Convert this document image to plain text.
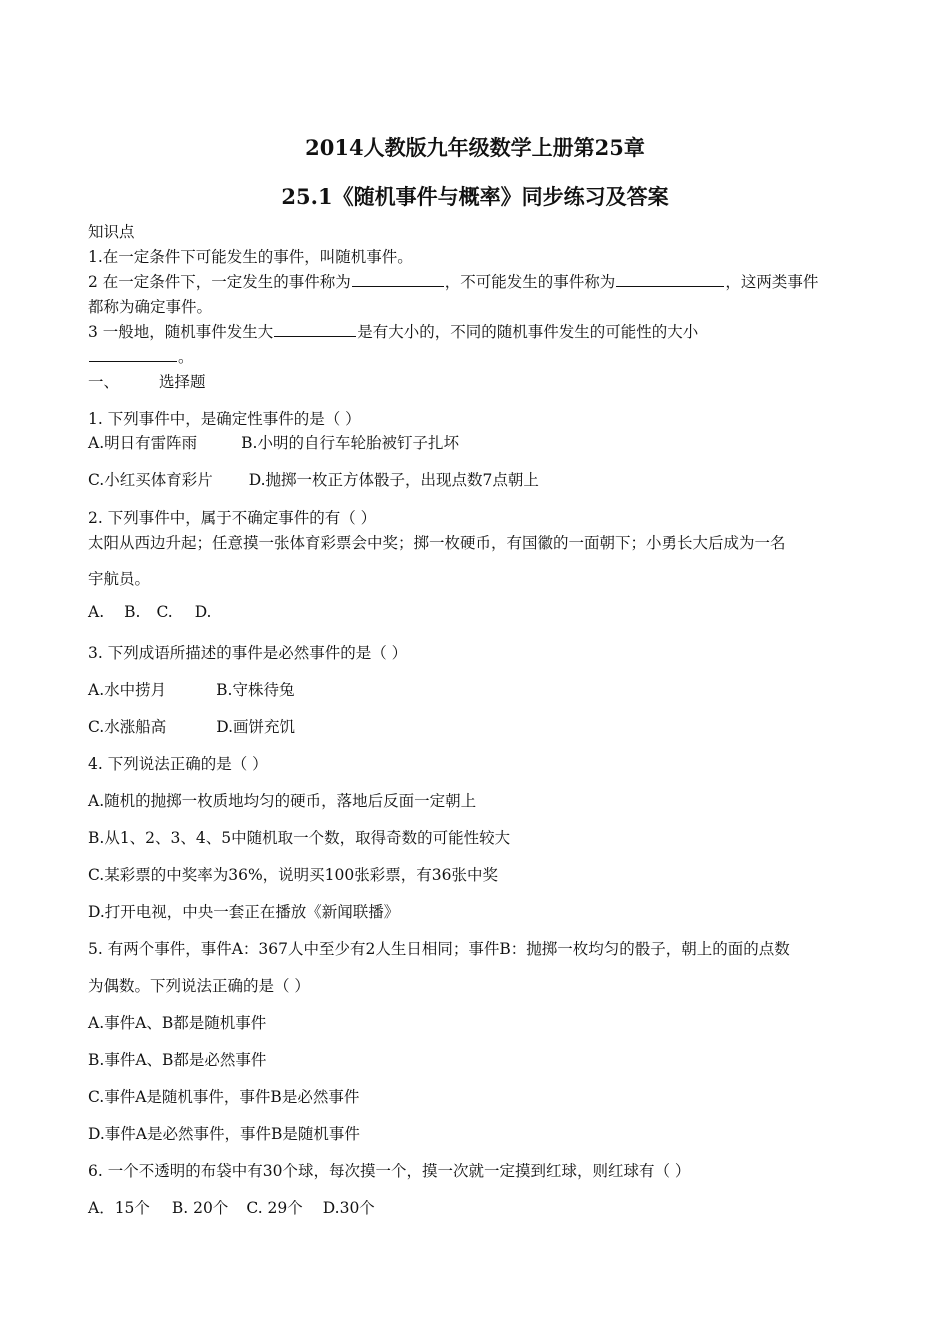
2014人教版九年级数学上册第25章
25.1《随机事件与概率》同步练习及答案
知识点
1.在一定条件下可能发生的事件，叫随机事件。
2 在一定条件下，一定发生的事件称为	，不可能发生的事件称为	，这两类事件
都称为确定事件。
3 一般地，随机事件发生大	是有大小的，不同的随机事件发生的可能性的大小
。
一、	选择题
1. 下列事件中，是确定性事件的是（ ）
A.明日有雷阵雨	B.小明的自行车轮胎被钉子扎坏
C.小红买体育彩片 D.抛掷一枚正方体骰子，出现点数7点朝上
2. 下列事件中，属于不确定事件的有（ ）
太阳从西边升起；任意摸一张体育彩票会中奖；掷一枚硬币，有国徽的一面朝下；小勇长大后成为一名
宇航员。
A. B. C. D.
3. 下列成语所描述的事件是必然事件的是（ ）
A.水中捞月	B.守株待兔
C.水涨船高	D.画饼充饥
4. 下列说法正确的是（ ）
A.随机的抛掷一枚质地均匀的硬币，落地后反面一定朝上
B.从1、2、3、4、5中随机取一个数，取得奇数的可能性较大
C.某彩票的中奖率为36%，说明买100张彩票，有36张中奖
D.打开电视，中央一套正在播放《新闻联播》
5. 有两个事件，事件A：367人中至少有2人生日相同；事件B：抛掷一枚均匀的骰子，朝上的面的点数
为偶数。下列说法正确的是（ ）
A.事件A、B都是随机事件
B.事件A、B都是必然事件
C.事件A是随机事件，事件B是必然事件
D.事件A是必然事件，事件B是随机事件
6. 一个不透明的布袋中有30个球，每次摸一个，摸一次就一定摸到红球，则红球有（ ）
A．15个 B. 20个 C. 29个 D.30个
